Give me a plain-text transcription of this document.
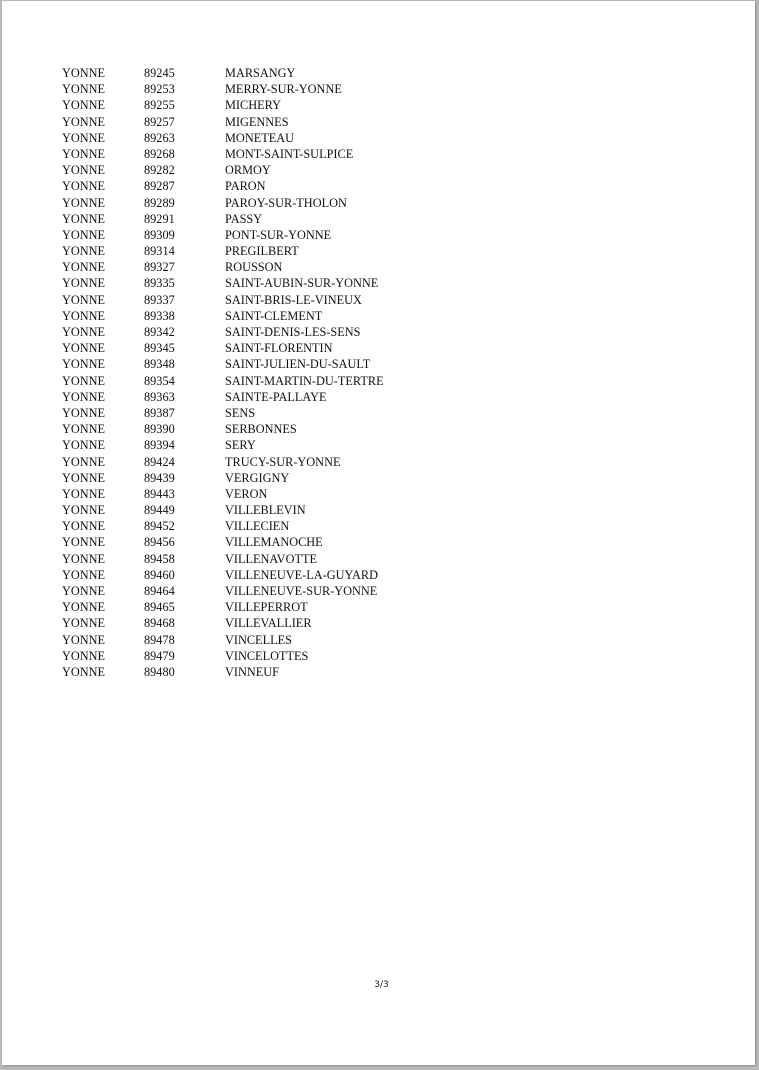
YONNE	89245	MARSANGY
YONNE	89253	MERRY-SUR-YONNE
YONNE	89255	MICHERY
YONNE	89257	MIGENNES
YONNE	89263	MONETEAU
YONNE	89268	MONT-SAINT-SULPICE
YONNE	89282	ORMOY
YONNE	89287	PARON
YONNE	89289	PAROY-SUR-THOLON
YONNE	89291	PASSY
YONNE	89309	PONT-SUR-YONNE
YONNE	89314	PREGILBERT
YONNE	89327	ROUSSON
YONNE	89335	SAINT-AUBIN-SUR-YONNE
YONNE	89337	SAINT-BRIS-LE-VINEUX
YONNE	89338	SAINT-CLEMENT
YONNE	89342	SAINT-DENIS-LES-SENS
YONNE	89345	SAINT-FLORENTIN
YONNE	89348	SAINT-JULIEN-DU-SAULT
YONNE	89354	SAINT-MARTIN-DU-TERTRE
YONNE	89363	SAINTE-PALLAYE
YONNE	89387	SENS
YONNE	89390	SERBONNES
YONNE	89394	SERY
YONNE	89424	TRUCY-SUR-YONNE
YONNE	89439	VERGIGNY
YONNE	89443	VERON
YONNE	89449	VILLEBLEVIN
YONNE	89452	VILLECIEN
YONNE	89456	VILLEMANOCHE
YONNE	89458	VILLENAVOTTE
YONNE	89460	VILLENEUVE-LA-GUYARD
YONNE	89464	VILLENEUVE-SUR-YONNE
YONNE	89465	VILLEPERROT
YONNE	89468	VILLEVALLIER
YONNE	89478	VINCELLES
YONNE	89479	VINCELOTTES
YONNE	89480	VINNEUF
3/3
